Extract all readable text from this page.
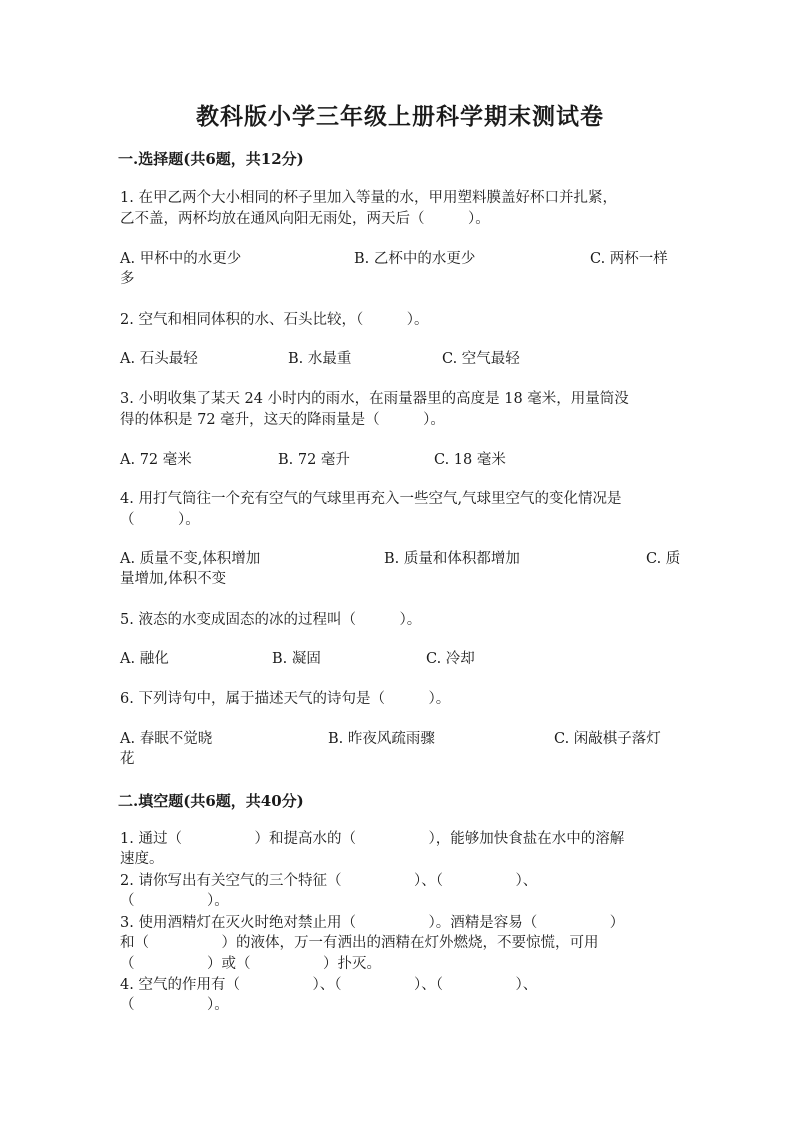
教科版小学三年级上册科学期末测试卷
一.选择题(共6题，共12分)
1. 在甲乙两个大小相同的杯子里加入等量的水，甲用塑料膜盖好杯口并扎紧，
乙不盖，两杯均放在通风向阳无雨处，两天后（　　　）。
A. 甲杯中的水更少	B. 乙杯中的水更少	C. 两杯一样
多
2. 空气和相同体积的水、石头比较，（　　　）。
A. 石头最轻	B. 水最重	C. 空气最轻
3. 小明收集了某天 24 小时内的雨水，在雨量器里的高度是 18 毫米，用量筒没
得的体积是 72 毫升，这天的降雨量是（　　　）。
A. 72 毫米	B. 72 毫升	C. 18 毫米
4. 用打气筒往一个充有空气的气球里再充入一些空气,气球里空气的变化情况是
（　　　）。
A. 质量不变,体积增加	B. 质量和体积都增加	C. 质
量增加,体积不变
5. 液态的水变成固态的冰的过程叫（　　　）。
A. 融化	B. 凝固	C. 冷却
6. 下列诗句中，属于描述天气的诗句是（　　　）。
A. 春眠不觉晓	B. 昨夜风疏雨骤	C. 闲敲棋子落灯
花
二.填空题(共6题，共40分)
1. 通过（　　　　　）和提高水的（　　　　　），能够加快食盐在水中的溶解
速度。
2. 请你写出有关空气的三个特征（　　　　　）、（　　　　　）、
（　　　　　）。
3. 使用酒精灯在灭火时绝对禁止用（　　　　　）。酒精是容易（　　　　　）
和（　　　　　）的液体，万一有洒出的酒精在灯外燃烧，不要惊慌，可用
（　　　　　）或（　　　　　）扑灭。
4. 空气的作用有（　　　　　）、（　　　　　）、（　　　　　）、
（　　　　　）。
